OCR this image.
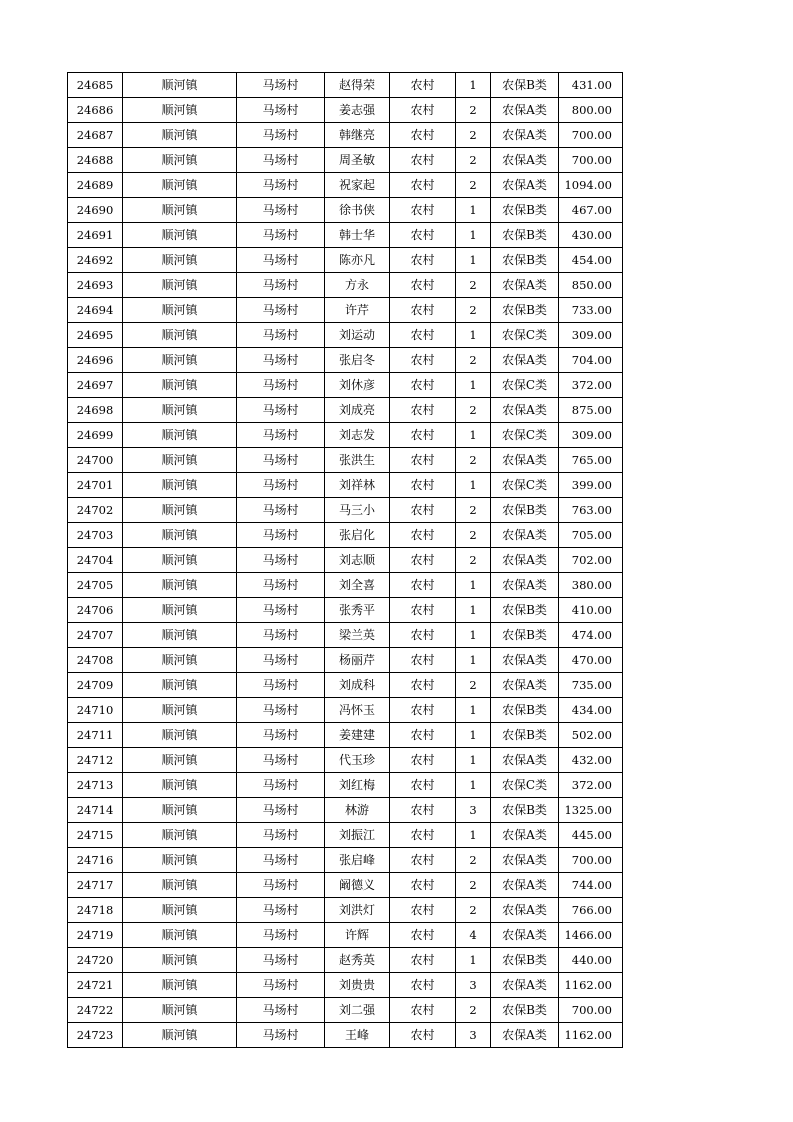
24685	顺河镇	马场村	赵得荣	农村	1	农保B类	431.00
24686	顺河镇	马场村	姜志强	农村	2	农保A类	800.00
24687	顺河镇	马场村	韩继亮	农村	2	农保A类	700.00
24688	顺河镇	马场村	周圣敏	农村	2	农保A类	700.00
24689	顺河镇	马场村	祝家起	农村	2	农保A类	1094.00
24690	顺河镇	马场村	徐书侠	农村	1	农保B类	467.00
24691	顺河镇	马场村	韩士华	农村	1	农保B类	430.00
24692	顺河镇	马场村	陈亦凡	农村	1	农保B类	454.00
24693	顺河镇	马场村	方永	农村	2	农保A类	850.00
24694	顺河镇	马场村	许芹	农村	2	农保B类	733.00
24695	顺河镇	马场村	刘运动	农村	1	农保C类	309.00
24696	顺河镇	马场村	张启冬	农村	2	农保A类	704.00
24697	顺河镇	马场村	刘休彦	农村	1	农保C类	372.00
24698	顺河镇	马场村	刘成亮	农村	2	农保A类	875.00
24699	顺河镇	马场村	刘志发	农村	1	农保C类	309.00
24700	顺河镇	马场村	张洪生	农村	2	农保A类	765.00
24701	顺河镇	马场村	刘祥林	农村	1	农保C类	399.00
24702	顺河镇	马场村	马三小	农村	2	农保B类	763.00
24703	顺河镇	马场村	张启化	农村	2	农保A类	705.00
24704	顺河镇	马场村	刘志顺	农村	2	农保A类	702.00
24705	顺河镇	马场村	刘全喜	农村	1	农保A类	380.00
24706	顺河镇	马场村	张秀平	农村	1	农保B类	410.00
24707	顺河镇	马场村	梁兰英	农村	1	农保B类	474.00
24708	顺河镇	马场村	杨丽芹	农村	1	农保A类	470.00
24709	顺河镇	马场村	刘成科	农村	2	农保A类	735.00
24710	顺河镇	马场村	冯怀玉	农村	1	农保B类	434.00
24711	顺河镇	马场村	姜建建	农村	1	农保B类	502.00
24712	顺河镇	马场村	代玉珍	农村	1	农保A类	432.00
24713	顺河镇	马场村	刘红梅	农村	1	农保C类	372.00
24714	顺河镇	马场村	林游	农村	3	农保B类	1325.00
24715	顺河镇	马场村	刘振江	农村	1	农保A类	445.00
24716	顺河镇	马场村	张启峰	农村	2	农保A类	700.00
24717	顺河镇	马场村	阚德义	农村	2	农保A类	744.00
24718	顺河镇	马场村	刘洪灯	农村	2	农保A类	766.00
24719	顺河镇	马场村	许辉	农村	4	农保A类	1466.00
24720	顺河镇	马场村	赵秀英	农村	1	农保B类	440.00
24721	顺河镇	马场村	刘贵贵	农村	3	农保A类	1162.00
24722	顺河镇	马场村	刘二强	农村	2	农保B类	700.00
24723	顺河镇	马场村	王峰	农村	3	农保A类	1162.00
